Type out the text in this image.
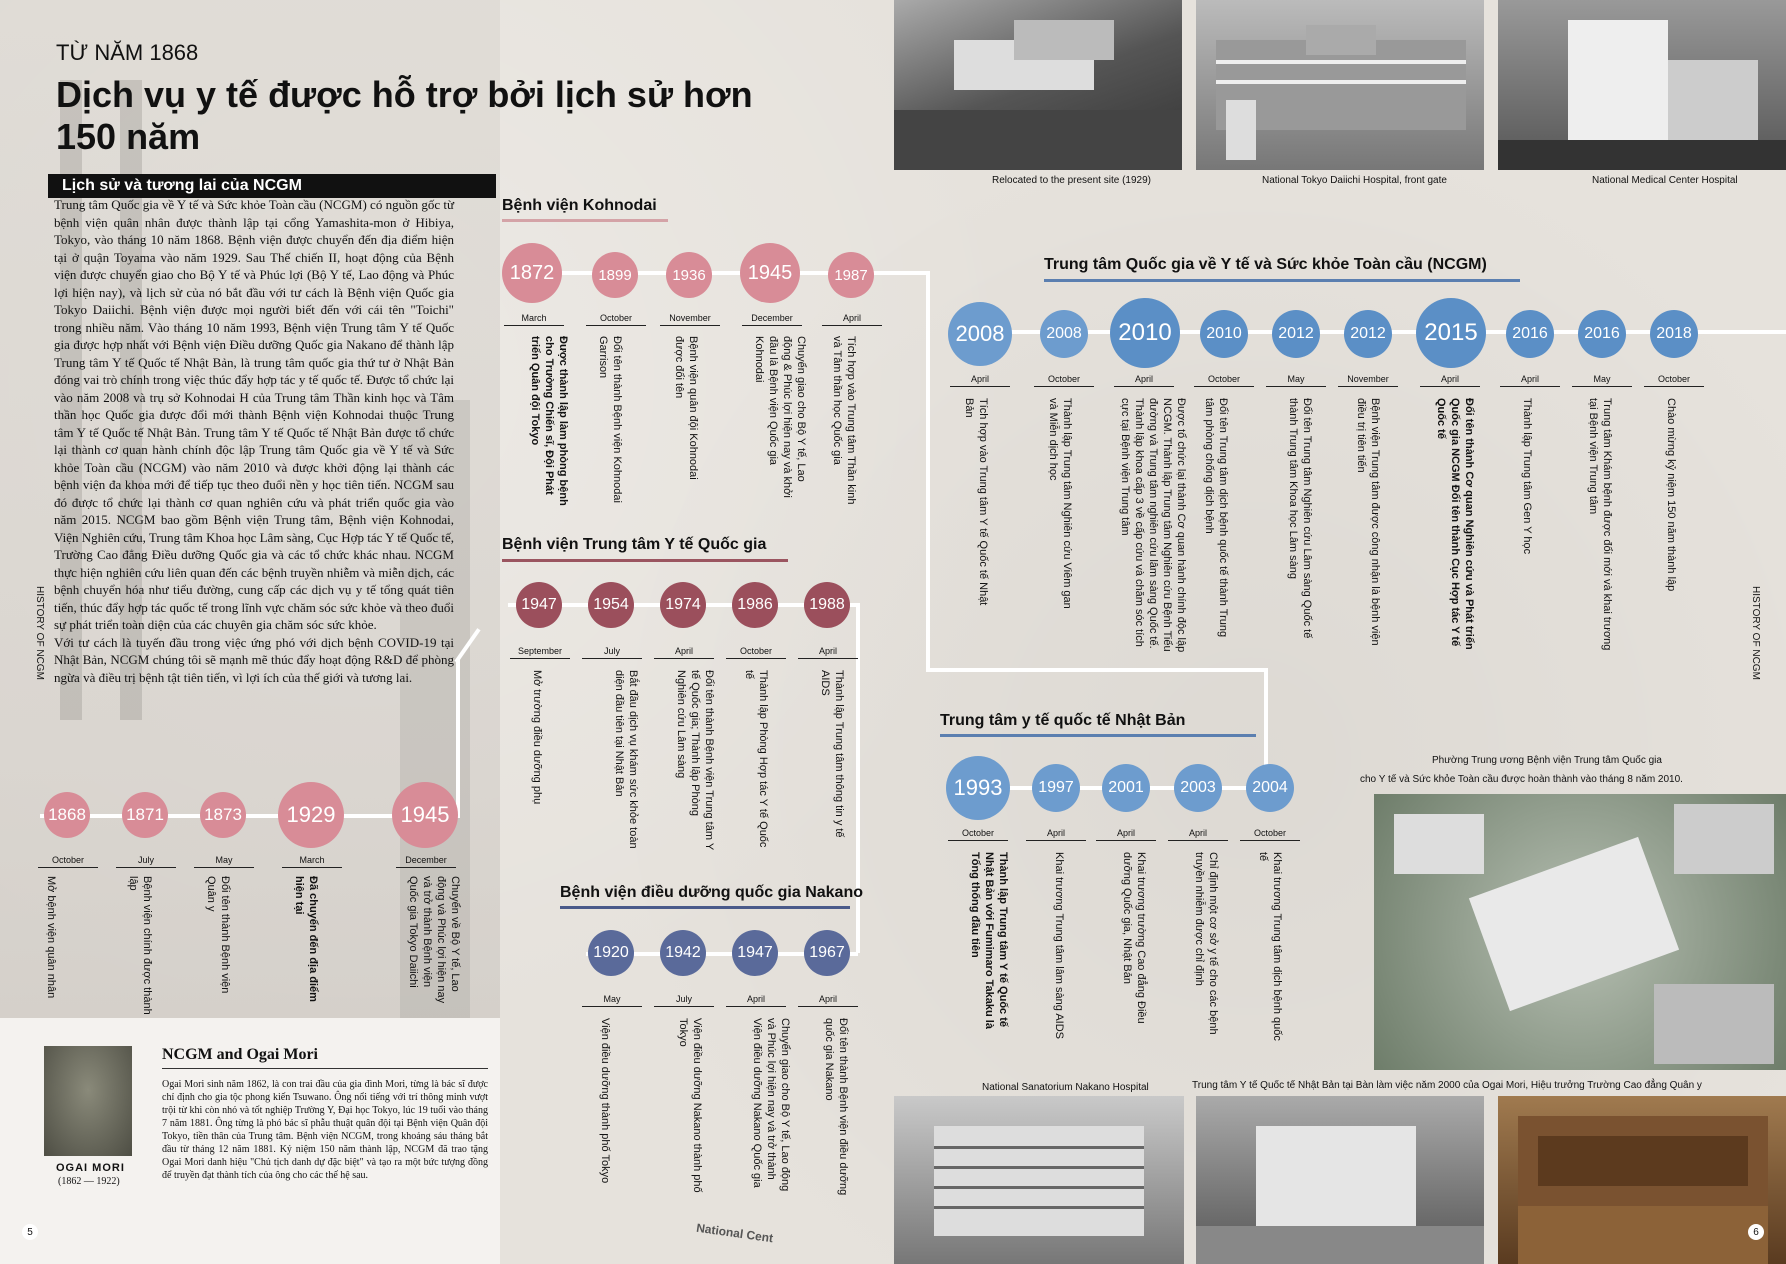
TỪ NĂM 1868
Dịch vụ y tế được hỗ trợ bởi lịch sử hơn 150 năm
Lịch sử và tương lai của NCGM
Trung tâm Quốc gia về Y tế và Sức khỏe Toàn cầu (NCGM) có nguồn gốc từ bệnh viện quân nhân được thành lập tại cổng Yamashita-mon ở Hibiya, Tokyo, vào tháng 10 năm 1868. Bệnh viện được chuyển đến địa điểm hiện tại ở quận Toyama vào năm 1929. Sau Thế chiến II, hoạt động của Bệnh viện được chuyển giao cho Bộ Y tế và Phúc lợi (Bộ Y tế, Lao động và Phúc lợi hiện nay), và lịch sử của nó bắt đầu với tư cách là Bệnh viện Quốc gia Tokyo Daiichi. Bệnh viện được mọi người biết đến với cái tên "Toichi" trong nhiều năm. Vào tháng 10 năm 1993, Bệnh viện Trung tâm Y tế Quốc gia được hợp nhất với Bệnh viện Điều dưỡng Quốc gia Nakano để thành lập Trung tâm Y tế Quốc tế Nhật Bản, là trung tâm quốc gia thứ tư ở Nhật Bản đóng vai trò chính trong việc thúc đẩy hợp tác y tế quốc tế. Được tổ chức lại vào năm 2008 và trụ sở Kohnodai H của Trung tâm Thần kinh học và Tâm thần học Quốc gia được đổi mới thành Bệnh viện Kohnodai thuộc Trung tâm Y tế Quốc tế Nhật Bản. Trung tâm Y tế Quốc tế Nhật Bản được tổ chức lại thành cơ quan hành chính độc lập Trung tâm Quốc gia về Y tế và Sức khỏe Toàn cầu (NCGM) vào năm 2010 và được khởi động lại thành các bệnh viện đa khoa mới để tiếp tục theo đuổi nền y học tiên tiến. NCGM sau đó được tổ chức lại thành cơ quan nghiên cứu và phát triển quốc gia vào năm 2015. NCGM bao gồm Bệnh viện Trung tâm, Bệnh viện Kohnodai, Viện Nghiên cứu, Trung tâm Khoa học Lâm sàng, Cục Hợp tác Y tế Quốc tế, Trường Cao đẳng Điều dưỡng Quốc gia và các tổ chức khác nhau. NCGM thực hiện nghiên cứu liên quan đến các bệnh truyền nhiễm và miễn dịch, các bệnh chuyển hóa như tiểu đường, cung cấp các dịch vụ y tế tổng quát tiên tiến, thúc đẩy hợp tác quốc tế trong lĩnh vực chăm sóc sức khỏe và theo đuổi sự phát triển toàn diện của các chuyên gia chăm sóc sức khỏe.
Với tư cách là tuyến đầu trong việc ứng phó với dịch bệnh COVID-19 tại Nhật Bản, NCGM chúng tôi sẽ mạnh mẽ thúc đẩy hoạt động R&D để phòng ngừa và điều trị bệnh tật tiên tiến, vì lợi ích của thế giới và tương lai.
HISTORY OF NCGM	HISTORY OF NCGM
1868 1871 1873	1929	1945
October	July	May	March	December
Mở bệnh viện quân nhân	Bệnh viện chính được thành lập	Đổi tên thành Bệnh viện Quân y	Đã chuyển đến địa điểm hiện tại	Chuyển về Bộ Y tế, Lao động và Phúc lợi hiện nay và trở thành Bệnh viện Quốc gia Tokyo Daiichi
Bệnh viện Kohnodai
1872	1899	1936	1945	1987
March	October	November	December	April
Được thành lập làm phòng bệnh cho Trường Chiến sĩ, Đội Phát triển Quân đội Tokyo	Đổi tên thành Bệnh viện Kohnodai Garrison	Bệnh viện quân đội Kohnodai được đổi tên	Chuyển giao cho Bộ Y tế, Lao động & Phúc lợi hiện nay và khởi đầu là Bệnh viện Quốc gia Kohnodai	Tích hợp vào Trung tâm Thần kinh và Tâm thần học Quốc gia
Bệnh viện Trung tâm Y tế Quốc gia
1947	1954	1974	1986	1988
September	July	April	October	April
Mở trường điều dưỡng phụ	Bắt đầu dịch vụ khám sức khỏe toàn diện đầu tiên tại Nhật Bản	Đổi tên thành Bệnh viện Trung tâm Y tế Quốc gia; Thành lập Phòng Nghiên cứu Lâm sàng	Thành lập Phòng Hợp tác Y tế Quốc tế	Thành lập Trung tâm thông tin y tế AIDS
Bệnh viện điều dưỡng quốc gia Nakano
1920	1942	1947	1967
May	July	April	April
Viện điều dưỡng thành phố Tokyo	Viện điều dưỡng Nakano thành phố Tokyo	Chuyển giao cho Bộ Y tế, Lao động và Phúc lợi hiện nay và trở thành Viện điều dưỡng Nakano Quốc gia	Đổi tên thành Bệnh viện điều dưỡng quốc gia Nakano
Trung tâm Quốc gia về Y tế và Sức khỏe Toàn cầu (NCGM)
2008	2008	2010	2010	2012	2012	2015	2016	2016	2018
April	October	April	October	May	November	April	April	May	October
Tích hợp vào Trung tâm Y tế Quốc tế Nhật Bản	Thành lập Trung tâm Nghiên cứu Viêm gan và Miễn dịch học	Được tổ chức lại thành Cơ quan hành chính độc lập NCGM. Thành lập Trung tâm Nghiên cứu Bệnh Tiểu đường và Trung tâm nghiên cứu lâm sàng Quốc tế. Thành lập khoa cấp 3 về cấp cứu và chăm sóc tích cực tại Bệnh viện Trung tâm	Đổi tên Trung tâm dịch bệnh quốc tế thành Trung tâm phòng chống dịch bệnh	Đổi tên Trung tâm Nghiên cứu Lâm sàng Quốc tế thành Trung tâm Khoa học Lâm sàng	Bệnh viện Trung tâm được công nhận là bệnh viện điều trị tiên tiến	Đổi tên thành Cơ quan Nghiên cứu và Phát triển Quốc gia NCGM Đổi tên thành Cục Hợp tác Y tế Quốc tế	Thành lập Trung tâm Gen Y học	Trung tâm Khám bệnh được đổi mới và khai trương tại Bệnh viện Trung tâm	Chào mừng kỷ niệm 150 năm thành lập
Trung tâm y tế quốc tế Nhật Bản
1993	1997	2001	2003	2004
October	April	April	April	October
Thành lập Trung tâm Y tế Quốc tế Nhật Bản với Fumimaro Takaku là Tổng thống đầu tiên	Khai trương Trung tâm lâm sàng AIDS	Khai trương trường Cao đẳng Điều dưỡng Quốc gia, Nhật Bản	Chỉ định một cơ sở y tế cho các bệnh truyền nhiễm được chỉ định	Khai trương Trung tâm dịch bệnh quốc tế
Relocated to the present site (1929)	National Tokyo Daiichi Hospital, front gate	National Medical Center Hospital
Phường Trung ương Bệnh viện Trung tâm Quốc gia
cho Y tế và Sức khỏe Toàn cầu được hoàn thành vào tháng 8 năm 2010.
National Sanatorium Nakano Hospital	Trung tâm Y tế Quốc tế Nhật Bản tại Bàn làm việc năm 2000 của Ogai Mori, Hiệu trưởng Trường Cao đẳng Quân y
OGAI MORI
(1862 — 1922)
NCGM and Ogai Mori
Ogai Mori sinh năm 1862, là con trai đầu của gia đình Mori, từng là bác sĩ được chỉ định cho gia tộc phong kiến Tsuwano. Ông nổi tiếng với trí thông minh vượt trội từ khi còn nhỏ và tốt nghiệp Trường Y, Đại học Tokyo, lúc 19 tuổi vào tháng 7 năm 1881. Ông từng là phó bác sĩ phẫu thuật quân đội tại Bệnh viện Quân đội Tokyo, tiền thân của Trung tâm. Bệnh viện NCGM, trong khoảng sáu tháng bắt đầu từ tháng 12 năm 1881. Kỷ niệm 150 năm thành lập, NCGM đã trao tặng Ogai Mori danh hiệu "Chủ tịch danh dự đặc biệt" và tạo ra một bức tượng đồng để truyền đạt thành tích của ông cho các thế hệ sau.
National Cent
5	6
